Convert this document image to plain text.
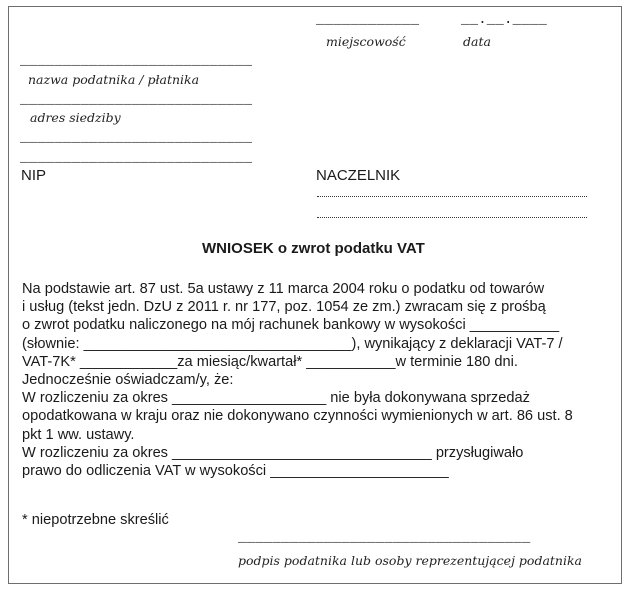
____________	__.__.____
miejscowość	data
___________________________
nazwa podatnika / płatnika
___________________________
adres siedziby
___________________________
___________________________
NIP	NACZELNIK
WNIOSEK o zwrot podatku VAT
Na podstawie art. 87 ust. 5a ustawy z 11 marca 2004 roku o podatku od towarów
i usług (tekst jedn. DzU z 2011 r. nr 177, poz. 1054 ze zm.) zwracam się z prośbą
o zwrot podatku naliczonego na mój rachunek bankowy w wysokości ___________
(słownie: _________________________________), wynikający z deklaracji VAT-7 /
VAT-7K* ____________za miesiąc/kwartał* ___________w terminie 180 dni.
Jednocześnie oświadczam/y, że:
W rozliczeniu za okres ___________________ nie była dokonywana sprzedaż
opodatkowana w kraju oraz nie dokonywano czynności wymienionych w art. 86 ust. 8
pkt 1 ww. ustawy.
W rozliczeniu za okres ________________________________ przysługiwało
prawo do odliczenia VAT w wysokości ______________________
* niepotrzebne skreślić
__________________________________
podpis podatnika lub osoby reprezentującej podatnika
